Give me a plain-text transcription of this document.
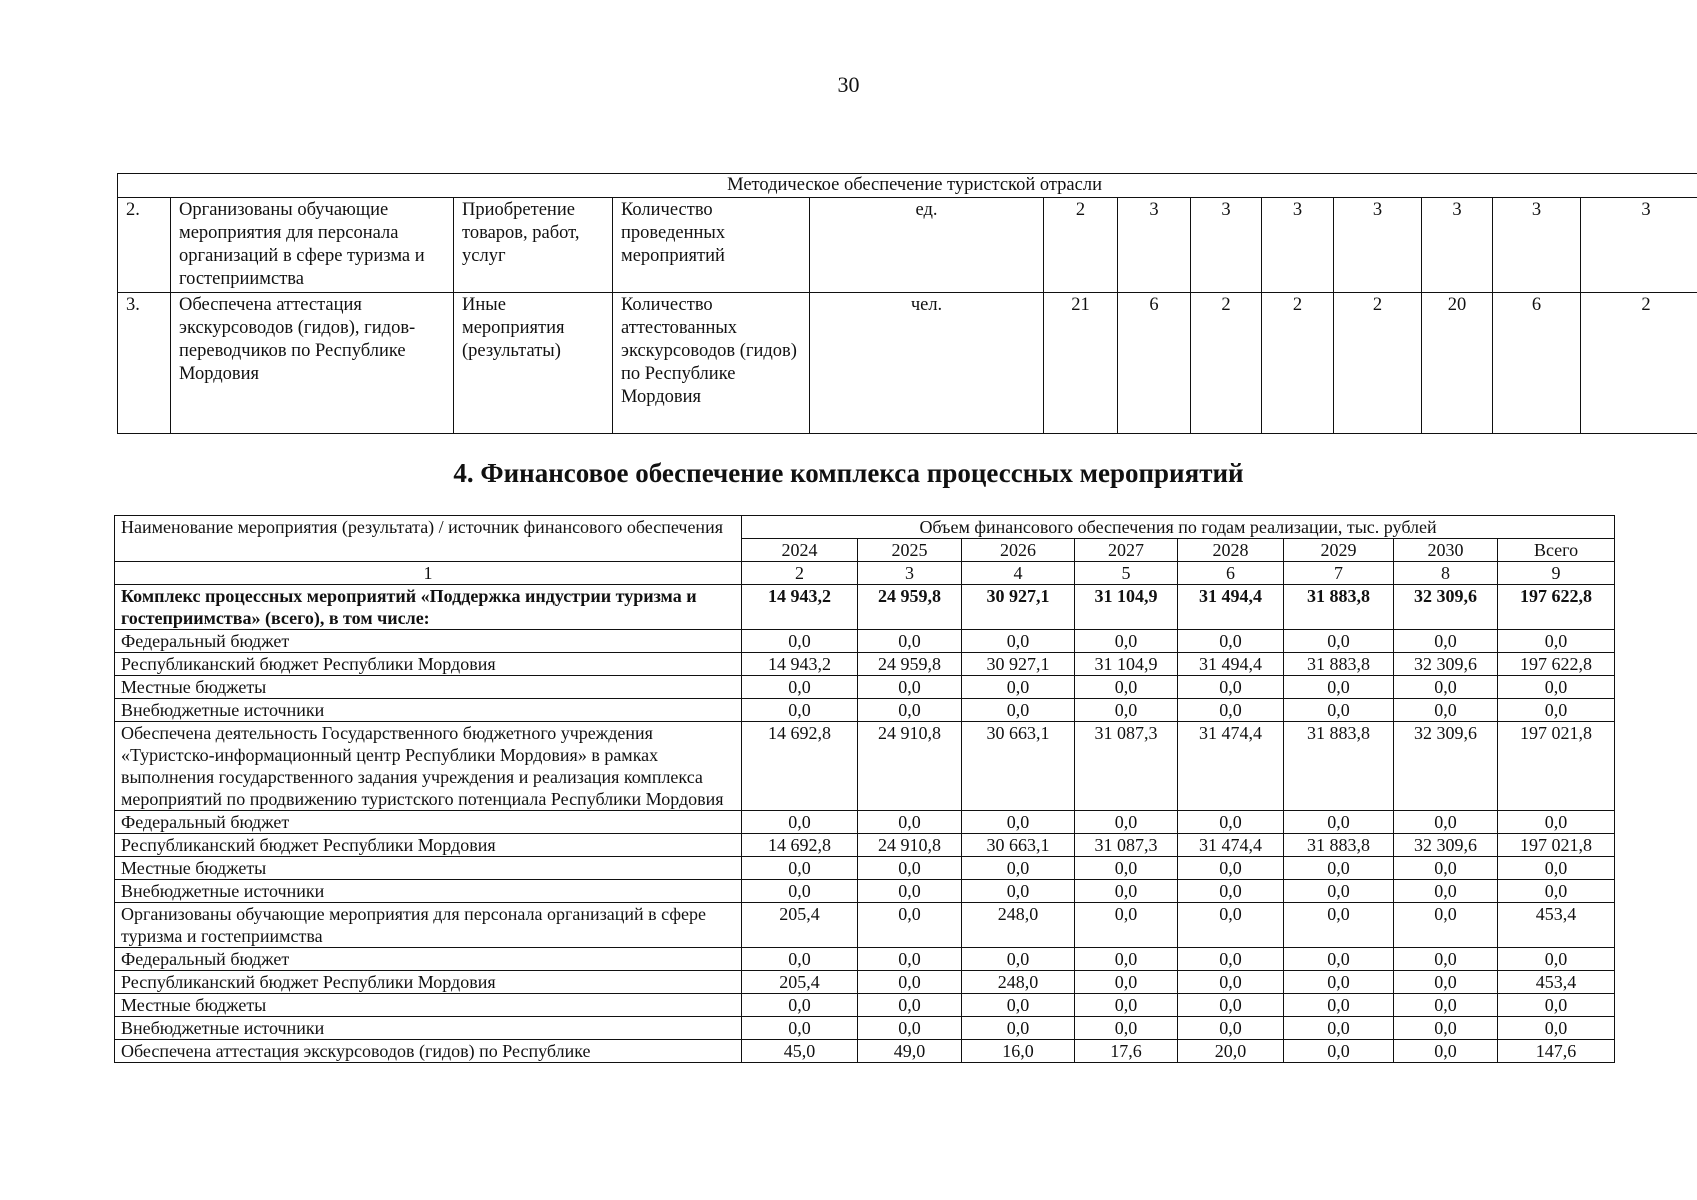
30
Методическое обеспечение туристской отрасли												
2.	Организованы обучающие мероприятия для персонала организаций в сфере туризма и гостеприимства	Приобретение товаров, работ, услуг	Количество проведенных мероприятий	ед.	2	3	3	3	3	3	3	3
3.	Обеспечена аттестация экскурсоводов (гидов), гидов-переводчиков по Республике Мордовия	Иные мероприятия (результаты)	Количество аттестованных экскурсоводов (гидов) по Республике Мордовия	чел.	21	6	2	2	2	20	6	2
4. Финансовое обеспечение комплекса процессных мероприятий
Наименование мероприятия (результата) / источник финансового обеспечения	Объем финансового обеспечения по годам реализации, тыс. рублей							
	2024	2025	2026	2027	2028	2029	2030	Всего
1	2	3	4	5	6	7	8	9
Комплекс процессных мероприятий «Поддержка индустрии туризма и гостеприимства» (всего), в том числе:	14 943,2	24 959,8	30 927,1	31 104,9	31 494,4	31 883,8	32 309,6	197 622,8
Федеральный бюджет	0,0	0,0	0,0	0,0	0,0	0,0	0,0	0,0
Республиканский бюджет Республики Мордовия	14 943,2	24 959,8	30 927,1	31 104,9	31 494,4	31 883,8	32 309,6	197 622,8
Местные бюджеты	0,0	0,0	0,0	0,0	0,0	0,0	0,0	0,0
Внебюджетные источники	0,0	0,0	0,0	0,0	0,0	0,0	0,0	0,0
Обеспечена деятельность Государственного бюджетного учреждения «Туристско-информационный центр Республики Мордовия» в рамках выполнения государственного задания учреждения и реализация комплекса мероприятий по продвижению туристского потенциала Республики Мордовия	14 692,8	24 910,8	30 663,1	31 087,3	31 474,4	31 883,8	32 309,6	197 021,8
Федеральный бюджет	0,0	0,0	0,0	0,0	0,0	0,0	0,0	0,0
Республиканский бюджет Республики Мордовия	14 692,8	24 910,8	30 663,1	31 087,3	31 474,4	31 883,8	32 309,6	197 021,8
Местные бюджеты	0,0	0,0	0,0	0,0	0,0	0,0	0,0	0,0
Внебюджетные источники	0,0	0,0	0,0	0,0	0,0	0,0	0,0	0,0
Организованы обучающие мероприятия для персонала организаций в сфере туризма и гостеприимства	205,4	0,0	248,0	0,0	0,0	0,0	0,0	453,4
Федеральный бюджет	0,0	0,0	0,0	0,0	0,0	0,0	0,0	0,0
Республиканский бюджет Республики Мордовия	205,4	0,0	248,0	0,0	0,0	0,0	0,0	453,4
Местные бюджеты	0,0	0,0	0,0	0,0	0,0	0,0	0,0	0,0
Внебюджетные источники	0,0	0,0	0,0	0,0	0,0	0,0	0,0	0,0
Обеспечена аттестация экскурсоводов (гидов) по Республике	45,0	49,0	16,0	17,6	20,0	0,0	0,0	147,6
